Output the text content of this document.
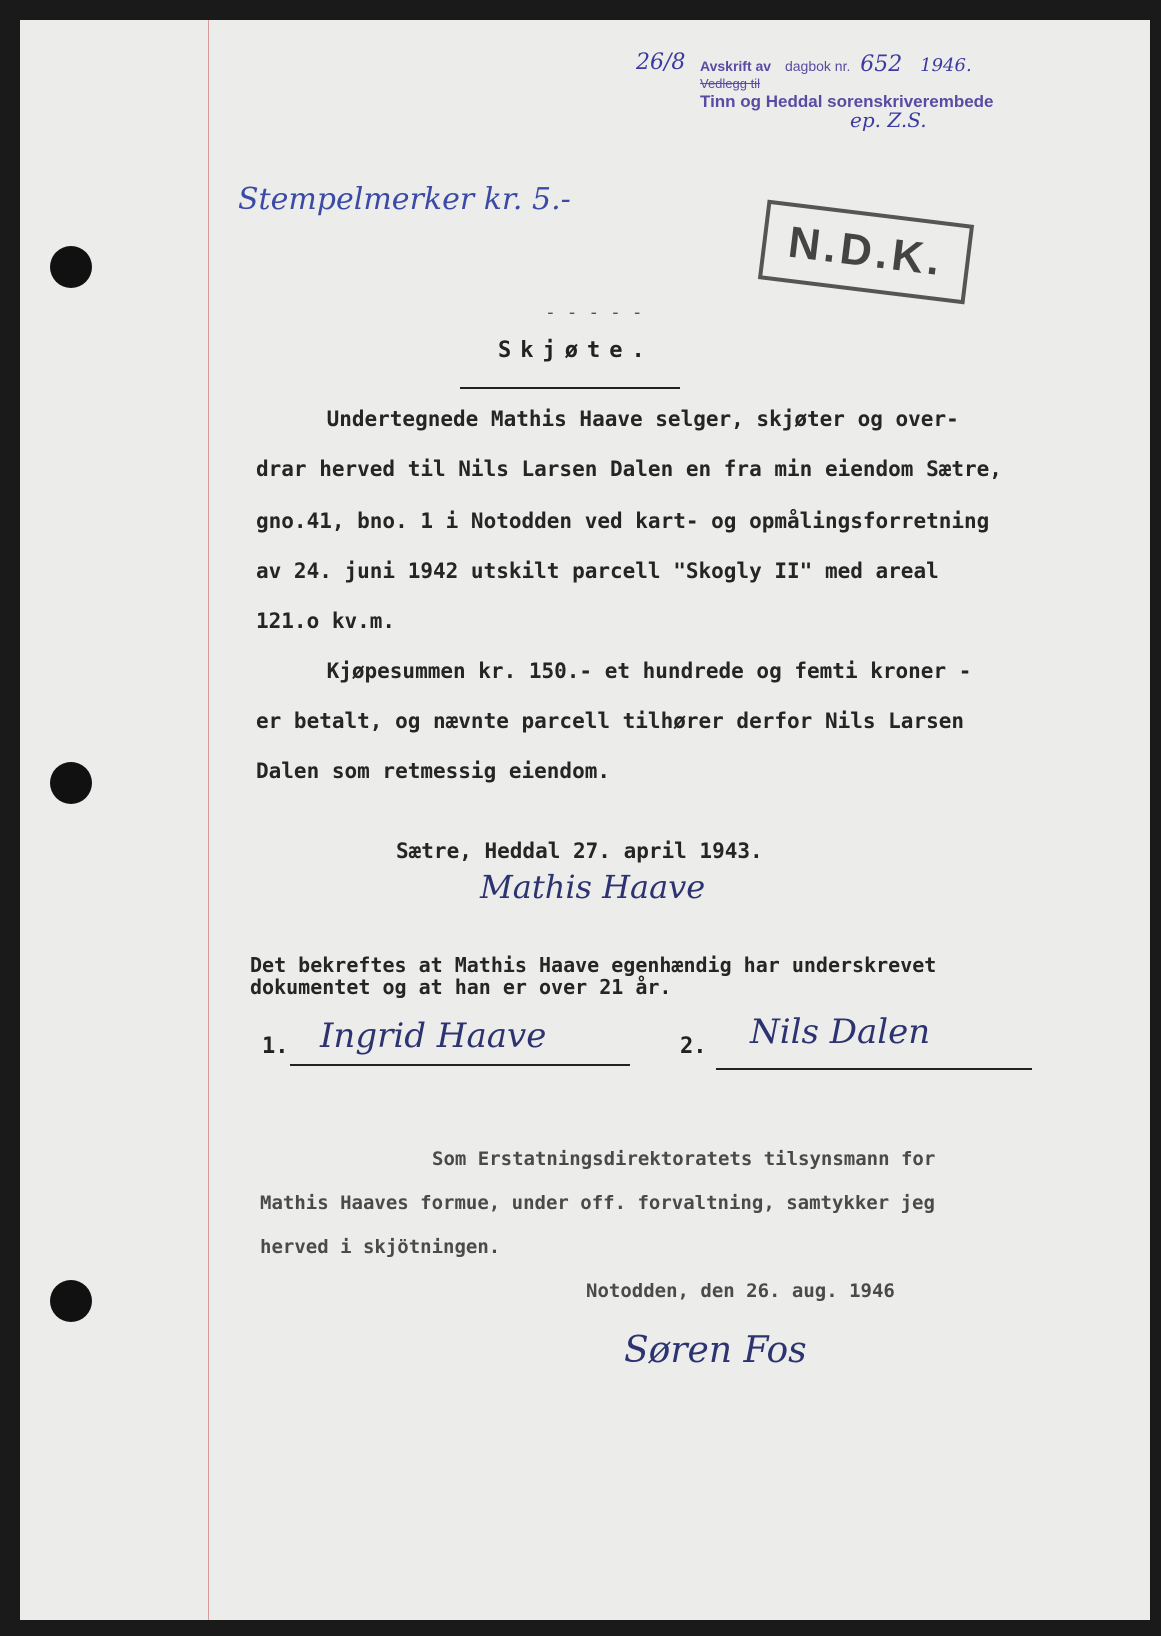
26/8 Avskrift av dagbok nr. 652 1946.
Vedlegg til
Tinn og Heddal sorenskriverembede
ep. Z.S.
Stempelmerker kr. 5.-
N.D.K.
- - - - -
Skjøte.
Undertegnede Mathis Haave selger, skjøter og over-
drar herved til Nils Larsen Dalen en fra min eiendom Sætre,
gno.41, bno. 1 i Notodden ved kart- og opmålingsforretning
av 24. juni 1942 utskilt parcell "Skogly II" med areal
121.o kv.m.
Kjøpesummen kr. 150.- et hundrede og femti kroner -
er betalt, og nævnte parcell tilhører derfor Nils Larsen
Dalen som retmessig eiendom.
Sætre, Heddal 27. april 1943.
Mathis Haave
Det bekreftes at Mathis Haave egenhændig har underskrevet
dokumentet og at han er over 21 år.
1. Ingrid Haave	2. Nils Dalen
Som Erstatningsdirektoratets tilsynsmann for
Mathis Haaves formue, under off. forvaltning, samtykker jeg
herved i skjötningen.
Notodden, den 26. aug. 1946
Søren Fos
